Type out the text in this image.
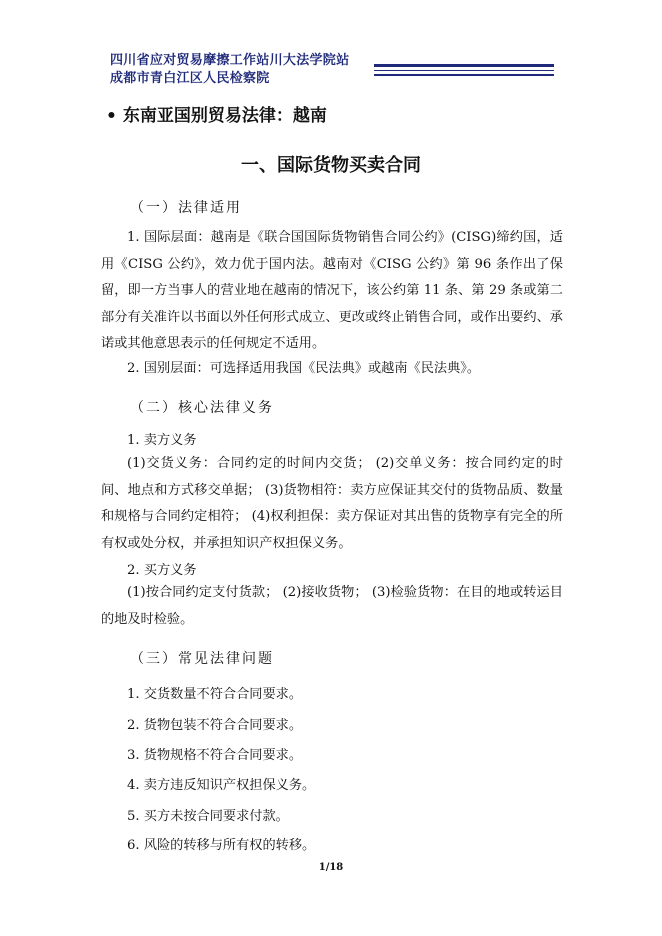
四川省应对贸易摩擦工作站川大法学院站
成都市青白江区人民检察院
• 东南亚国别贸易法律：越南
一、国际货物买卖合同
（一）法律适用
1. 国际层面：越南是《联合国国际货物销售合同公约》(CISG)缔约国，适用《CISG 公约》，效力优于国内法。越南对《CISG 公约》第 96 条作出了保留，即一方当事人的营业地在越南的情况下，该公约第 11 条、第 29 条或第二部分有关准许以书面以外任何形式成立、更改或终止销售合同，或作出要约、承诺或其他意思表示的任何规定不适用。
2. 国别层面：可选择适用我国《民法典》或越南《民法典》。
（二）核心法律义务
1. 卖方义务
(1)交货义务：合同约定的时间内交货； (2)交单义务：按合同约定的时间、地点和方式移交单据； (3)货物相符：卖方应保证其交付的货物品质、数量和规格与合同约定相符； (4)权利担保：卖方保证对其出售的货物享有完全的所有权或处分权，并承担知识产权担保义务。
2. 买方义务
(1)按合同约定支付货款； (2)接收货物； (3)检验货物：在目的地或转运目的地及时检验。
（三）常见法律问题
1. 交货数量不符合合同要求。
2. 货物包装不符合合同要求。
3. 货物规格不符合合同要求。
4. 卖方违反知识产权担保义务。
5. 买方未按合同要求付款。
6. 风险的转移与所有权的转移。
1/18
